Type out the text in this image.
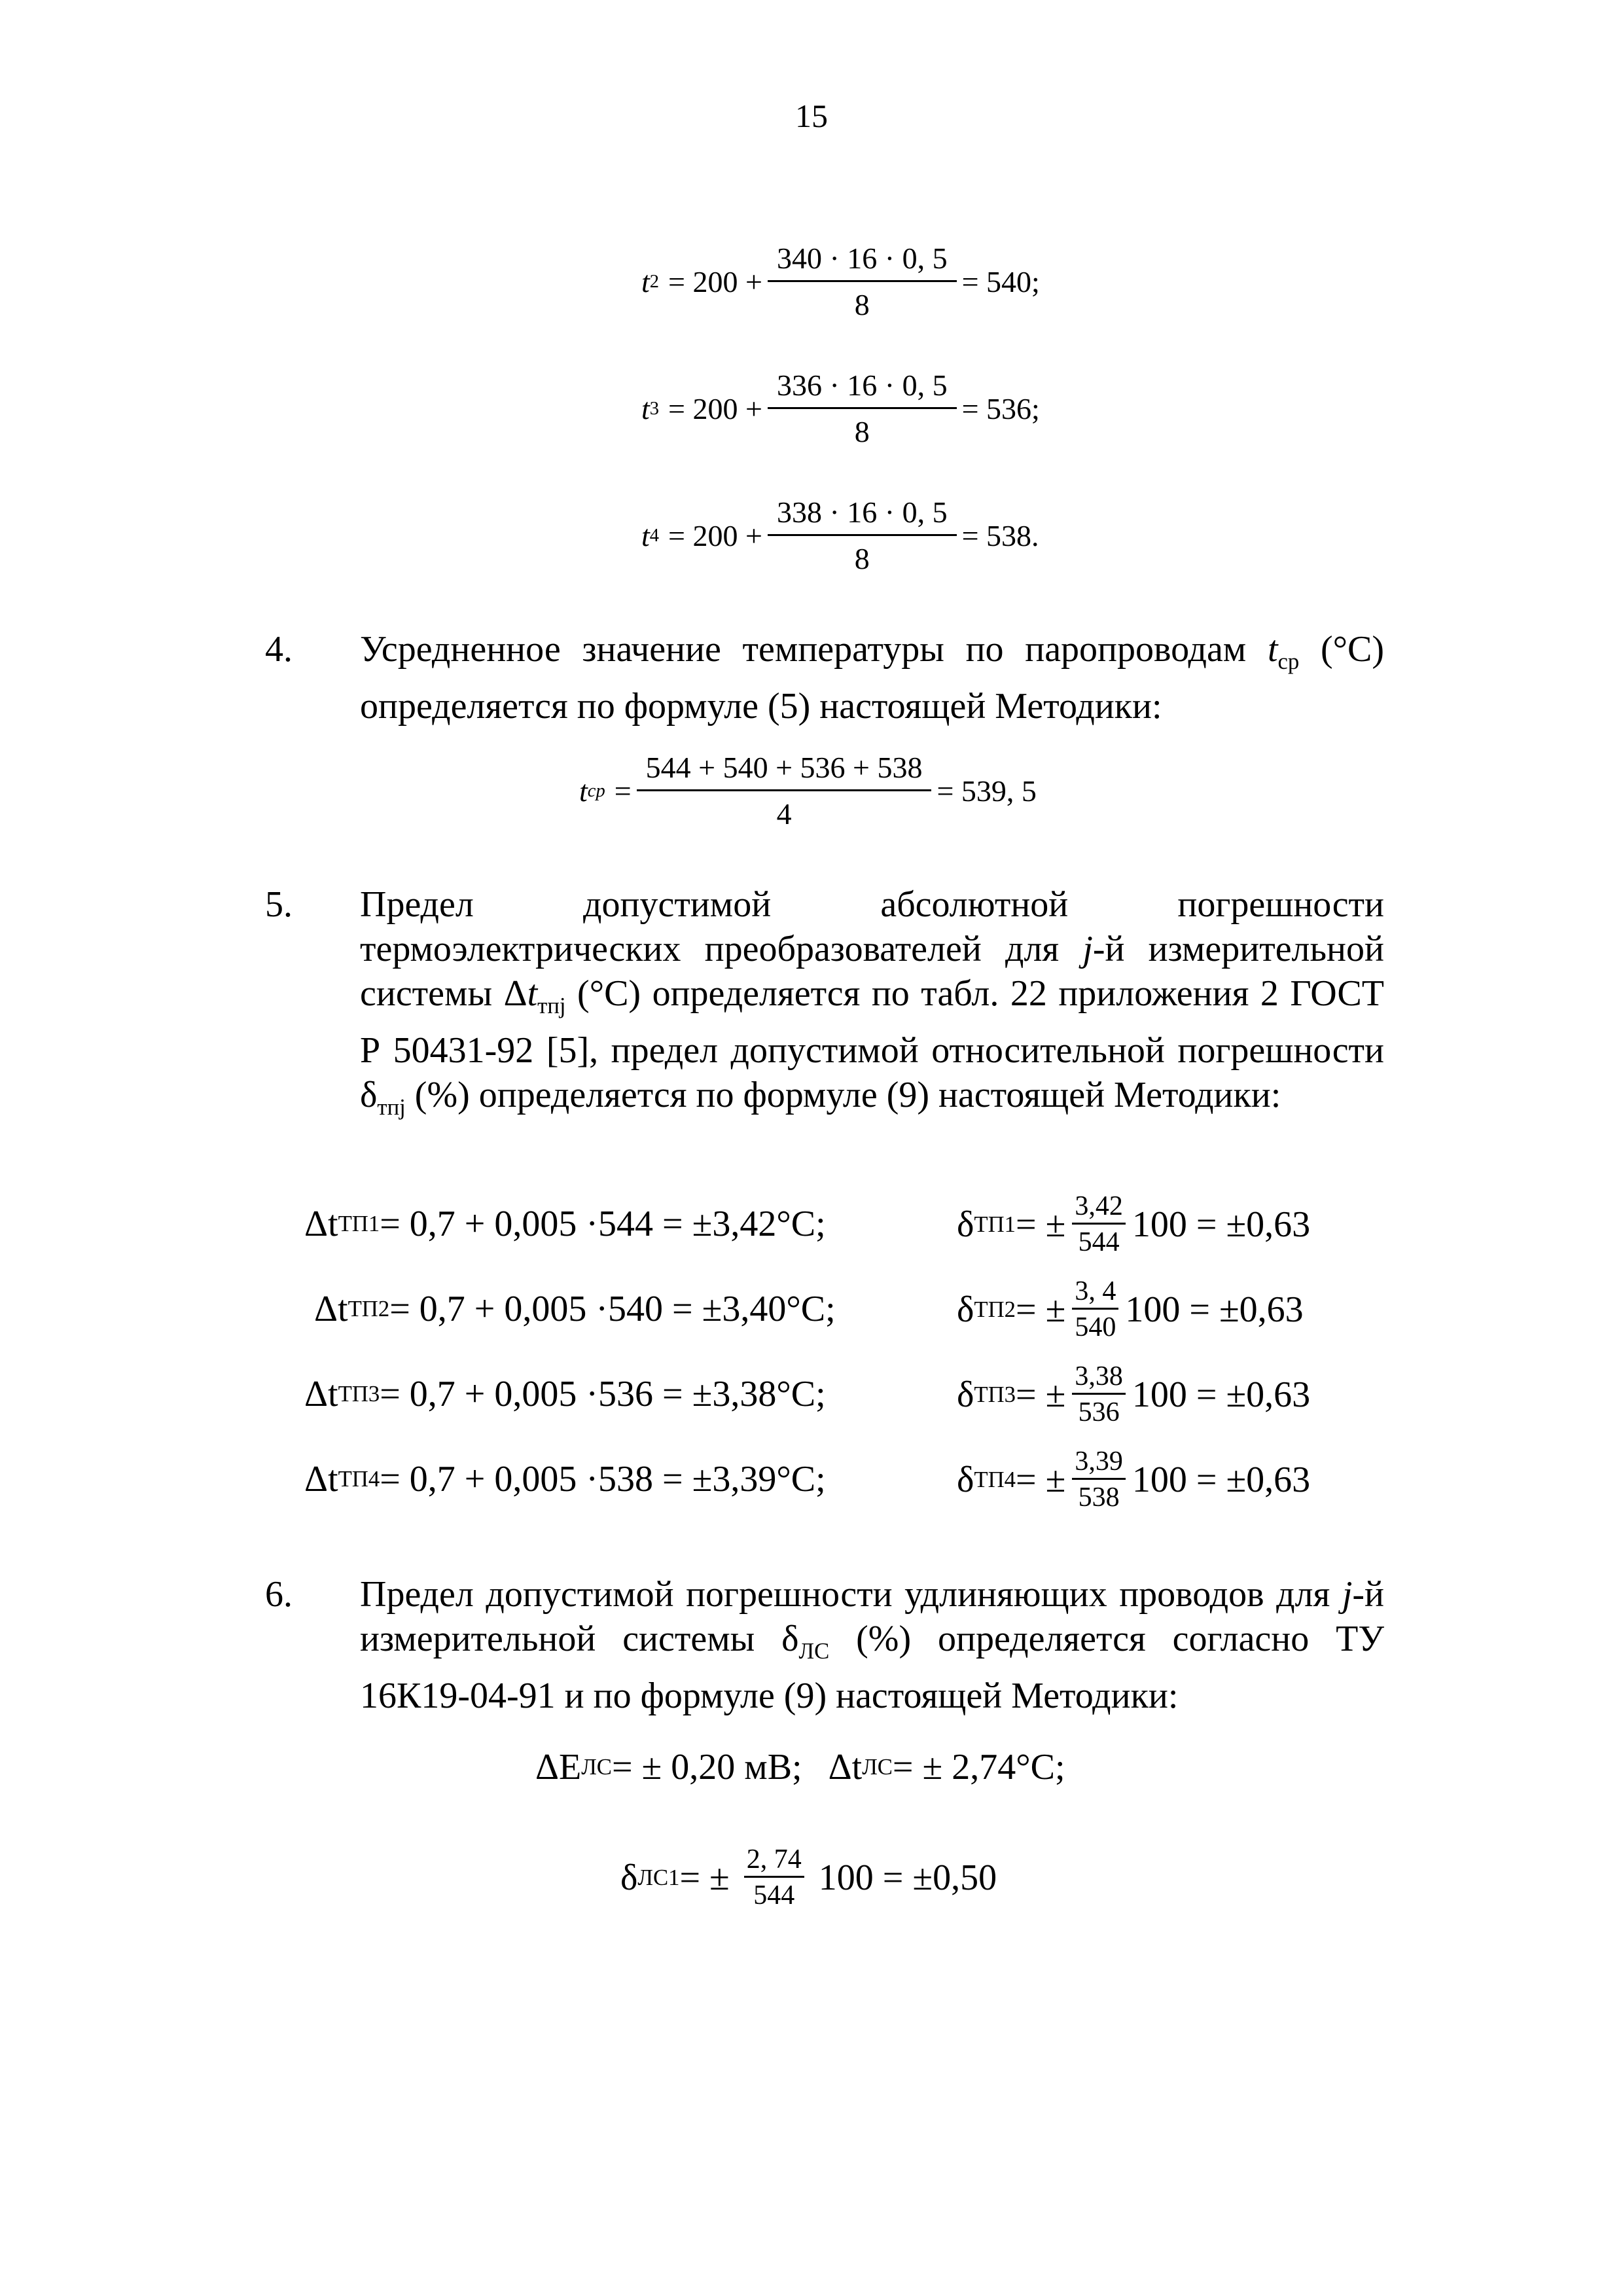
15
t $2 = 200 + \frac{340 \cdot 16 \cdot 0, 5}{8} = 540$;
t $3 = 200 + \frac{336 \cdot 16 \cdot 0, 5}{8} = 536$;
t $4 = 200 + \frac{338 \cdot 16 \cdot 0, 5}{8} = 538$.
4. Усредненное значение температуры по паропроводам $t_{ср}$ (°С) определяется по формуле (5) настоящей Методики:
t ср = $\frac{544 + 540 + 536 + 538}{4} = 539$, 5
5. Предел допустимой абсолютной погрешности
термоэлектрических преобразователей для j-й измерительной системы $\Delta t_{тпj}$ (°С) определяется по табл. 22 приложения 2 ГОСТ Р 50431-92 [5], предел допустимой относительной погрешности $\delta_{тпj}$ (%) определяется по формуле (9) настоящей Методики:
Δt ТП1 = 0,7 + 0,005 ·544 = ±3,42°С;	δ ТП1 = ± $\frac{3,42}{544} 100 = \pm 0,63$
Δt ТП2 = 0,7 + 0,005 ·540 = ±3,40°С;	δ ТП2 = ± $\frac{3, 4}{540} 100 = \pm 0,63$
Δt ТП3 = 0,7 + 0,005 ·536 = ±3,38°С;	δ ТП3 = ± $\frac{3,38}{536} 100 = \pm 0,63$
Δt ТП4 = 0,7 + 0,005 ·538 = ±3,39°С;	δ ТП4 = ± $\frac{3,39}{538} 100 = \pm 0,63$
6. Предел допустимой погрешности удлиняющих проводов для j-й измерительной системы $\delta_{ЛС}$ (%) определяется согласно ТУ 16К19-04-91 и по формуле (9) настоящей Методики:
ΔЕ ЛС = ± 0,20 мВ; Δt ЛС = ± 2,74°С;
δ ЛС1 = ± $\frac{2, 74}{544} 100 = \pm 0,50$
